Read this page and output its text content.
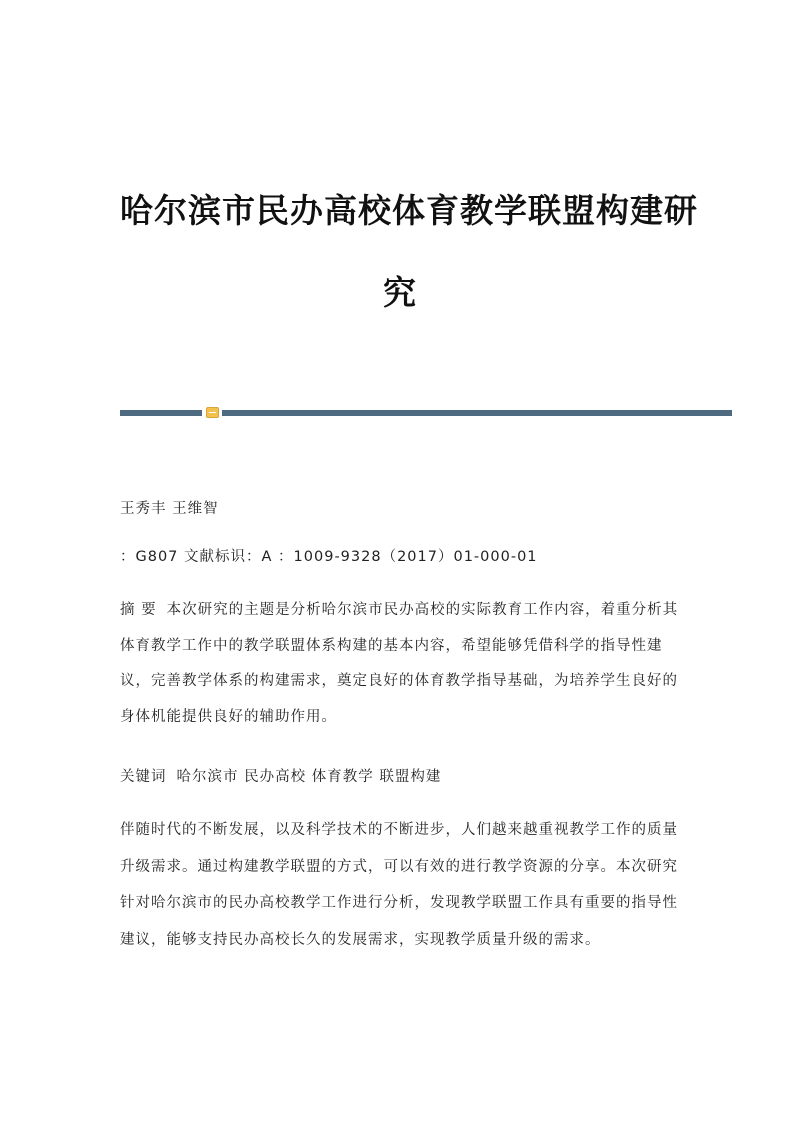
哈尔滨市民办高校体育教学联盟构建研
究

王秀丰 王维智

：G807 文献标识：A ：1009-9328（2017）01-000-01

摘 要 本次研究的主题是分析哈尔滨市民办高校的实际教育工作内容，着重分析其体育教学工作中的教学联盟体系构建的基本内容，希望能够凭借科学的指导性建议，完善教学体系的构建需求，奠定良好的体育教学指导基础，为培养学生良好的身体机能提供良好的辅助作用。

关键词 哈尔滨市 民办高校 体育教学 联盟构建

伴随时代的不断发展，以及科学技术的不断进步，人们越来越重视教学工作的质量升级需求。通过构建教学联盟的方式，可以有效的进行教学资源的分享。本次研究针对哈尔滨市的民办高校教学工作进行分析，发现教学联盟工作具有重要的指导性建议，能够支持民办高校长久的发展需求，实现教学质量升级的需求。
